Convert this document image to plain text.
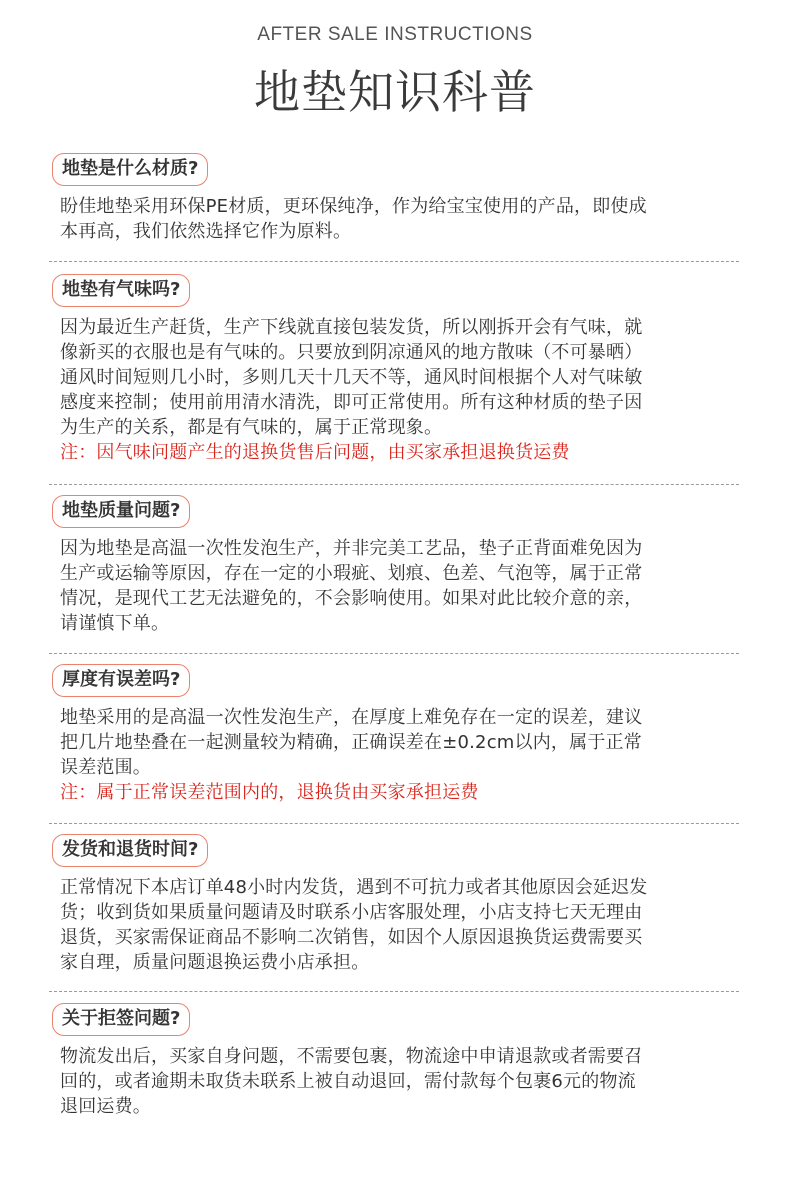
AFTER SALE INSTRUCTIONS
地垫知识科普
地垫是什么材质?

盼佳地垫采用环保PE材质，更环保纯净，作为给宝宝使用的产品，即使成

本再高，我们依然选择它作为原料。

地垫有气味吗?

因为最近生产赶货，生产下线就直接包装发货，所以刚拆开会有气味，就

像新买的衣服也是有气味的。只要放到阴凉通风的地方散味（不可暴晒）

通风时间短则几小时，多则几天十几天不等，通风时间根据个人对气味敏

感度来控制；使用前用清水清洗，即可正常使用。所有这种材质的垫子因

为生产的关系，都是有气味的，属于正常现象。

注：因气味问题产生的退换货售后问题，由买家承担退换货运费

地垫质量问题?

因为地垫是高温一次性发泡生产，并非完美工艺品，垫子正背面难免因为

生产或运输等原因，存在一定的小瑕疵、划痕、色差、气泡等，属于正常

情况，是现代工艺无法避免的，不会影响使用。如果对此比较介意的亲，

请谨慎下单。

厚度有误差吗?

地垫采用的是高温一次性发泡生产，在厚度上难免存在一定的误差，建议

把几片地垫叠在一起测量较为精确，正确误差在±0.2cm以内，属于正常

误差范围。

注：属于正常误差范围内的，退换货由买家承担运费

发货和退货时间?

正常情况下本店订单48小时内发货，遇到不可抗力或者其他原因会延迟发

货；收到货如果质量问题请及时联系小店客服处理，小店支持七天无理由

退货，买家需保证商品不影响二次销售，如因个人原因退换货运费需要买

家自理，质量问题退换运费小店承担。

关于拒签问题?

物流发出后，买家自身问题，不需要包裹，物流途中申请退款或者需要召

回的，或者逾期未取货未联系上被自动退回，需付款每个包裹6元的物流

退回运费。
